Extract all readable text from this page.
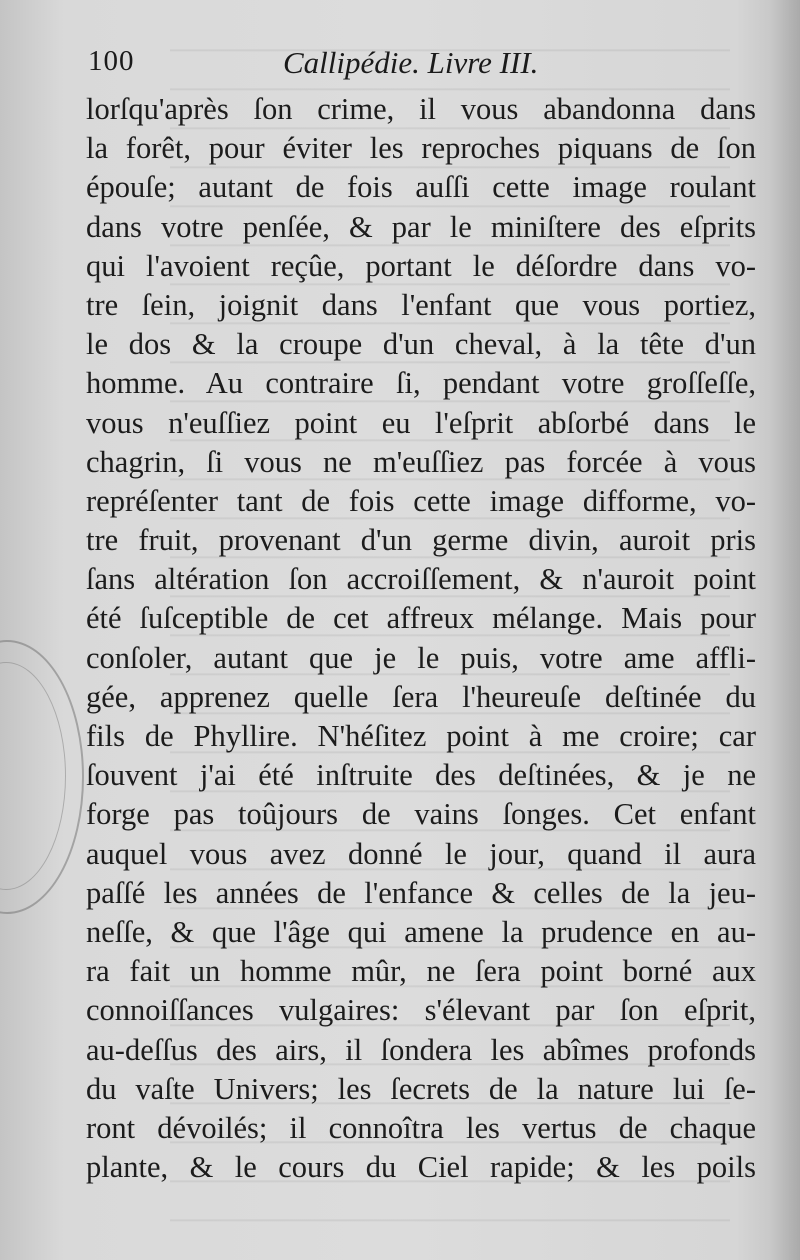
100	Callipédie. Livre III.
lorſqu'après ſon crime, il vous abandonna dans
la forêt, pour éviter les reproches piquans de ſon
épouſe; autant de fois auſſi cette image roulant
dans votre penſée, & par le miniſtere des eſprits
qui l'avoient reçûe, portant le déſordre dans vo-
tre ſein, joignit dans l'enfant que vous portiez,
le dos & la croupe d'un cheval, à la tête d'un
homme. Au contraire ſi, pendant votre groſſeſſe,
vous n'euſſiez point eu l'eſprit abſorbé dans le
chagrin, ſi vous ne m'euſſiez pas forcée à vous
repréſenter tant de fois cette image difforme, vo-
tre fruit, provenant d'un germe divin, auroit pris
ſans altération ſon accroiſſement, & n'auroit point
été ſuſceptible de cet affreux mélange. Mais pour
conſoler, autant que je le puis, votre ame affli-
gée, apprenez quelle ſera l'heureuſe deſtinée du
fils de Phyllire. N'héſitez point à me croire; car
ſouvent j'ai été inſtruite des deſtinées, & je ne
forge pas toûjours de vains ſonges. Cet enfant
auquel vous avez donné le jour, quand il aura
paſſé les années de l'enfance & celles de la jeu-
neſſe, & que l'âge qui amene la prudence en au-
ra fait un homme mûr, ne ſera point borné aux
connoiſſances vulgaires: s'élevant par ſon eſprit,
au-deſſus des airs, il ſondera les abîmes profonds
du vaſte Univers; les ſecrets de la nature lui ſe-
ront dévoilés; il connoîtra les vertus de chaque
plante, & le cours du Ciel rapide; & les poils
